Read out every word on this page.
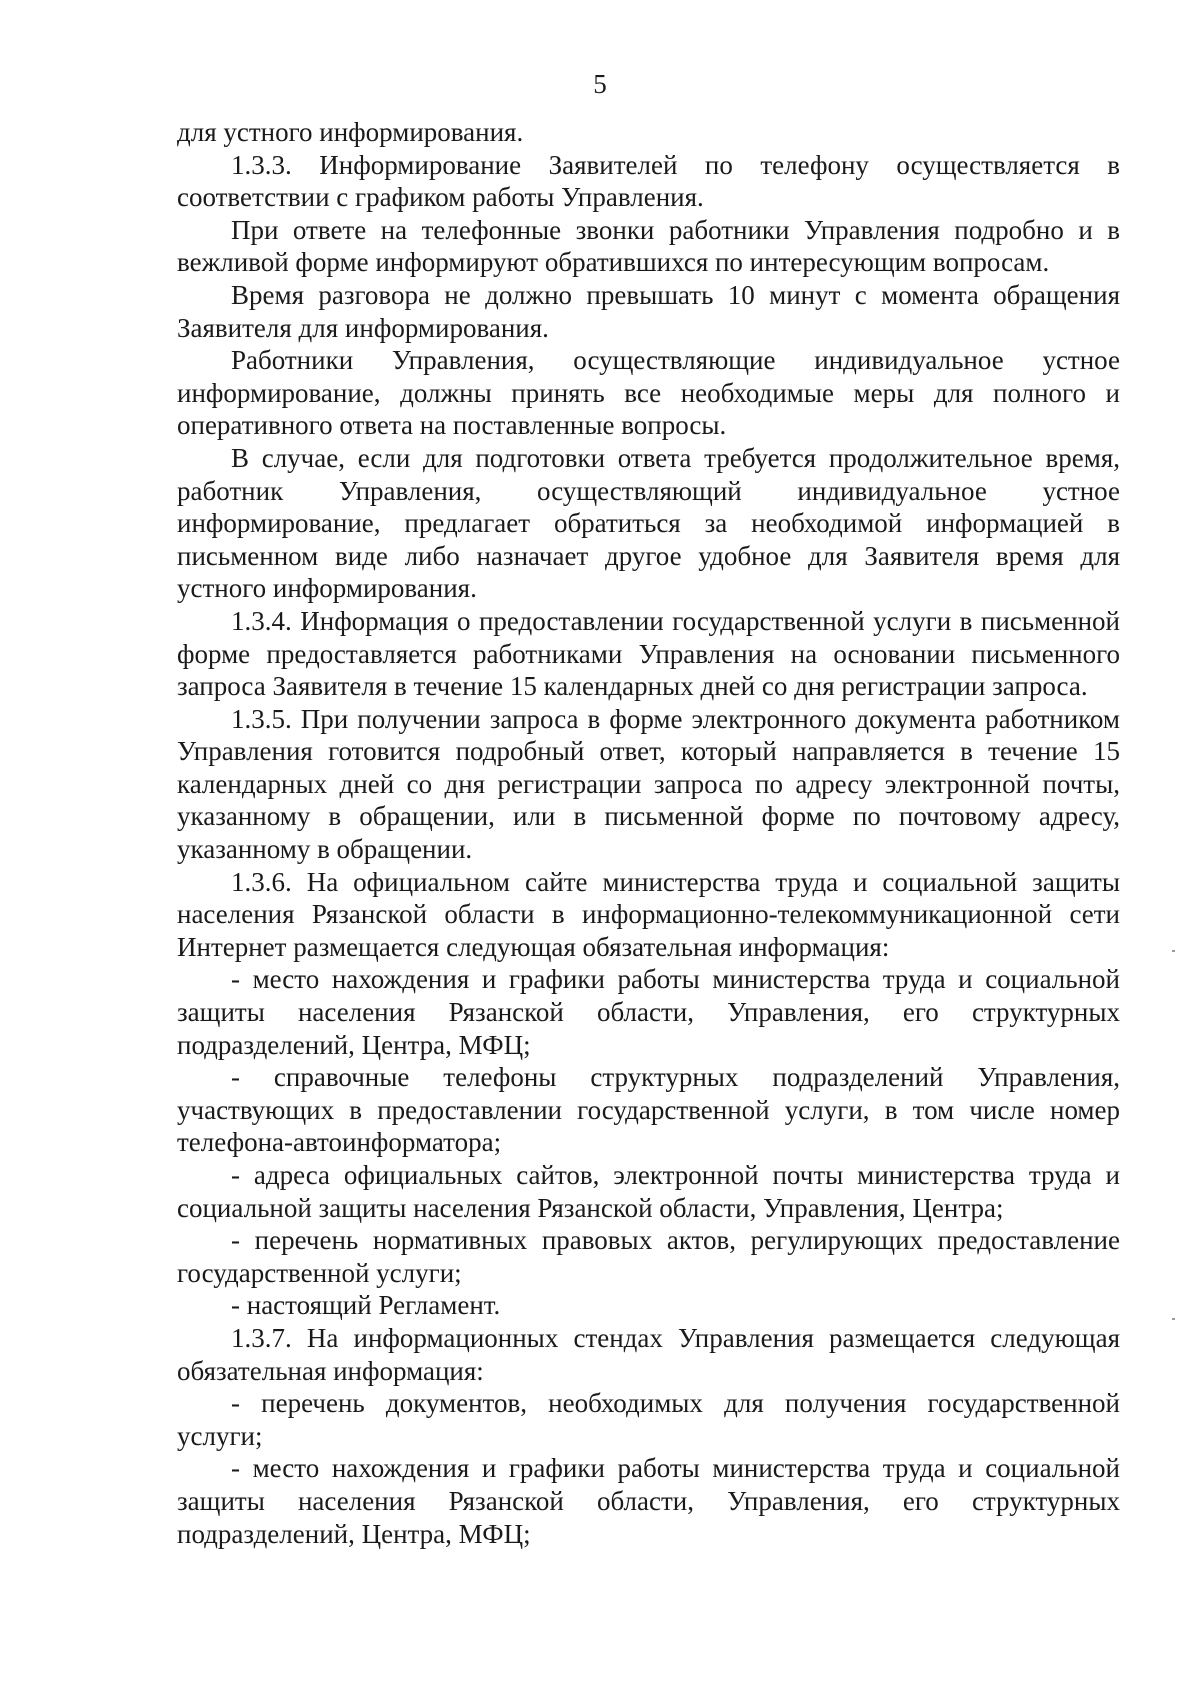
5

для устного информирования.

1.3.3. Информирование Заявителей по телефону осуществляется в соответствии с графиком работы Управления.

При ответе на телефонные звонки работники Управления подробно и в вежливой форме информируют обратившихся по интересующим вопросам.

Время разговора не должно превышать 10 минут с момента обращения Заявителя для информирования.

Работники Управления, осуществляющие индивидуальное устное информирование, должны принять все необходимые меры для полного и оперативного ответа на поставленные вопросы.

В случае, если для подготовки ответа требуется продолжительное время, работник Управления, осуществляющий индивидуальное устное информирование, предлагает обратиться за необходимой информацией в письменном виде либо назначает другое удобное для Заявителя время для устного информирования.

1.3.4. Информация о предоставлении государственной услуги в письменной форме предоставляется работниками Управления на основании письменного запроса Заявителя в течение 15 календарных дней со дня регистрации запроса.

1.3.5. При получении запроса в форме электронного документа работником Управления готовится подробный ответ, который направляется в течение 15 календарных дней со дня регистрации запроса по адресу электронной почты, указанному в обращении, или в письменной форме по почтовому адресу, указанному в обращении.

1.3.6. На официальном сайте министерства труда и социальной защиты населения Рязанской области в информационно-телекоммуникационной сети Интернет размещается следующая обязательная информация:

- место нахождения и графики работы министерства труда и социальной защиты населения Рязанской области, Управления, его структурных подразделений, Центра, МФЦ;

- справочные телефоны структурных подразделений Управления, участвующих в предоставлении государственной услуги, в том числе номер телефона-автоинформатора;

- адреса официальных сайтов, электронной почты министерства труда и социальной защиты населения Рязанской области, Управления, Центра;

- перечень нормативных правовых актов, регулирующих предоставление государственной услуги;

- настоящий Регламент.

1.3.7. На информационных стендах Управления размещается следующая обязательная информация:

- перечень документов, необходимых для получения государственной услуги;

- место нахождения и графики работы министерства труда и социальной защиты населения Рязанской области, Управления, его структурных подразделений, Центра, МФЦ;
